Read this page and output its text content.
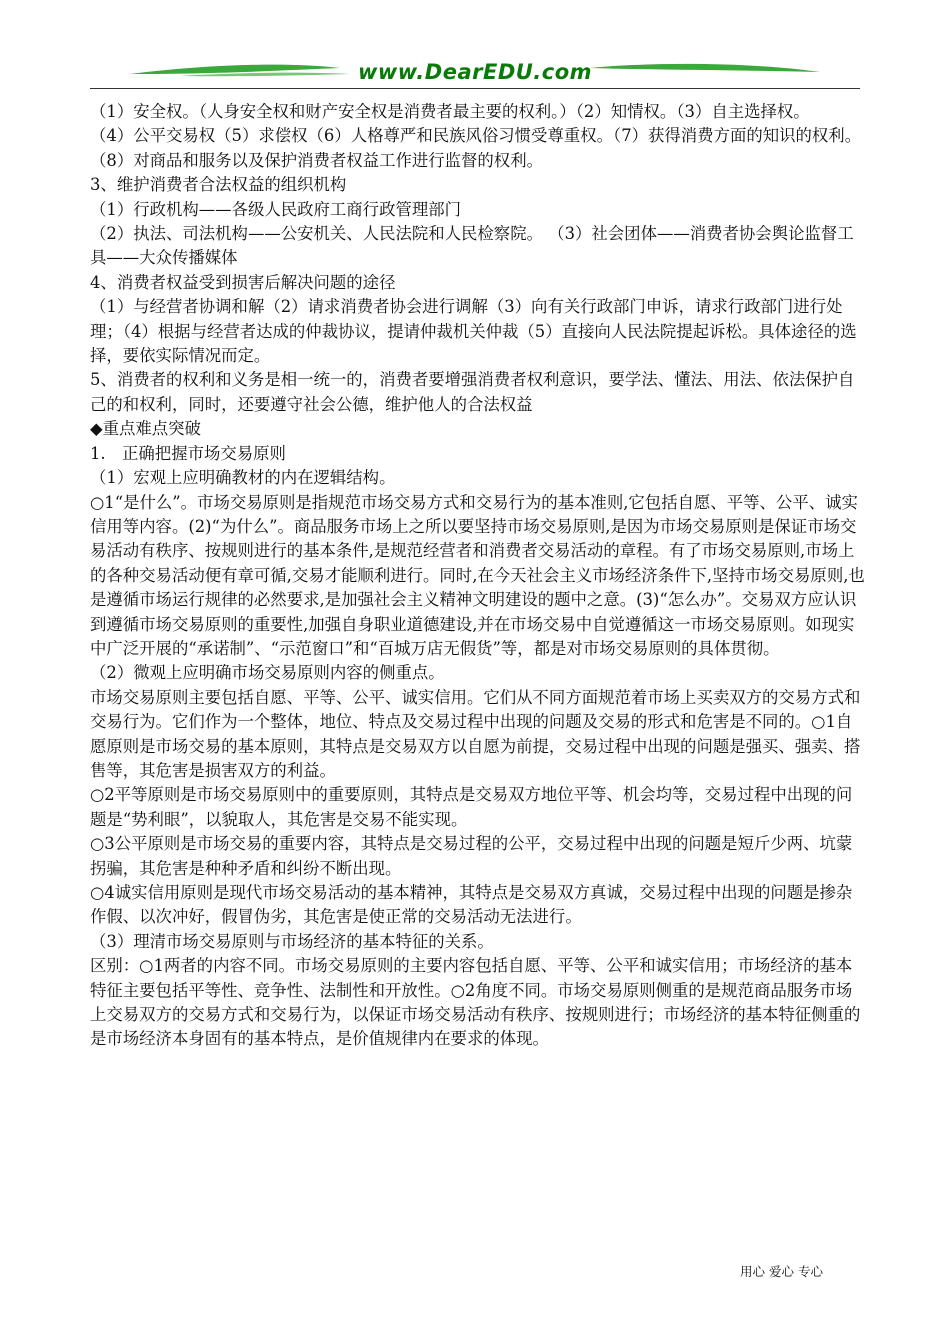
www.DearEDU.com

（1）安全权。（人身安全权和财产安全权是消费者最主要的权利。）（2）知情权。（3）自主选择权。

（4）公平交易权（5）求偿权（6）人格尊严和民族风俗习惯受尊重权。（7）获得消费方面的知识的权利。

（8）对商品和服务以及保护消费者权益工作进行监督的权利。

3、维护消费者合法权益的组织机构

（1）行政机构——各级人民政府工商行政管理部门

（2）执法、司法机构——公安机关、人民法院和人民检察院。 （3）社会团体——消费者协会舆论监督工具——大众传播媒体

4、消费者权益受到损害后解决问题的途径

（1）与经营者协调和解（2）请求消费者协会进行调解（3）向有关行政部门申诉，请求行政部门进行处理；（4）根据与经营者达成的仲裁协议，提请仲裁机关仲裁（5）直接向人民法院提起诉松。具体途径的选择，要依实际情况而定。

5、消费者的权利和义务是相一统一的，消费者要增强消费者权利意识，要学法、懂法、用法、依法保护自己的和权利，同时，还要遵守社会公德，维护他人的合法权益

◆重点难点突破

1.　正确把握市场交易原则

（1）宏观上应明确教材的内在逻辑结构。

○1“是什么”。市场交易原则是指规范市场交易方式和交易行为的基本准则,它包括自愿、平等、公平、诚实信用等内容。(2)“为什么”。商品服务市场上之所以要坚持市场交易原则,是因为市场交易原则是保证市场交易活动有秩序、按规则进行的基本条件,是规范经营者和消费者交易活动的章程。有了市场交易原则,市场上的各种交易活动便有章可循,交易才能顺利进行。同时,在今天社会主义市场经济条件下,坚持市场交易原则,也是遵循市场运行规律的必然要求,是加强社会主义精神文明建设的题中之意。(3)“怎么办”。交易双方应认识到遵循市场交易原则的重要性,加强自身职业道德建设,并在市场交易中自觉遵循这一市场交易原则。如现实中广泛开展的“承诺制”、“示范窗口”和“百城万店无假货”等，都是对市场交易原则的具体贯彻。

（2）微观上应明确市场交易原则内容的侧重点。

市场交易原则主要包括自愿、平等、公平、诚实信用。它们从不同方面规范着市场上买卖双方的交易方式和交易行为。它们作为一个整体，地位、特点及交易过程中出现的问题及交易的形式和危害是不同的。○1自愿原则是市场交易的基本原则，其特点是交易双方以自愿为前提，交易过程中出现的问题是强买、强卖、搭售等，其危害是损害双方的利益。

○2平等原则是市场交易原则中的重要原则，其特点是交易双方地位平等、机会均等，交易过程中出现的问题是“势利眼”，以貌取人，其危害是交易不能实现。

○3公平原则是市场交易的重要内容，其特点是交易过程的公平，交易过程中出现的问题是短斤少两、坑蒙拐骗，其危害是种种矛盾和纠纷不断出现。

○4诚实信用原则是现代市场交易活动的基本精神，其特点是交易双方真诚，交易过程中出现的问题是掺杂作假、以次冲好，假冒伪劣，其危害是使正常的交易活动无法进行。

（3）理清市场交易原则与市场经济的基本特征的关系。

区别：○1两者的内容不同。市场交易原则的主要内容包括自愿、平等、公平和诚实信用；市场经济的基本特征主要包括平等性、竞争性、法制性和开放性。○2角度不同。市场交易原则侧重的是规范商品服务市场上交易双方的交易方式和交易行为，以保证市场交易活动有秩序、按规则进行；市场经济的基本特征侧重的是市场经济本身固有的基本特点，是价值规律内在要求的体现。

用心 爱心 专心
